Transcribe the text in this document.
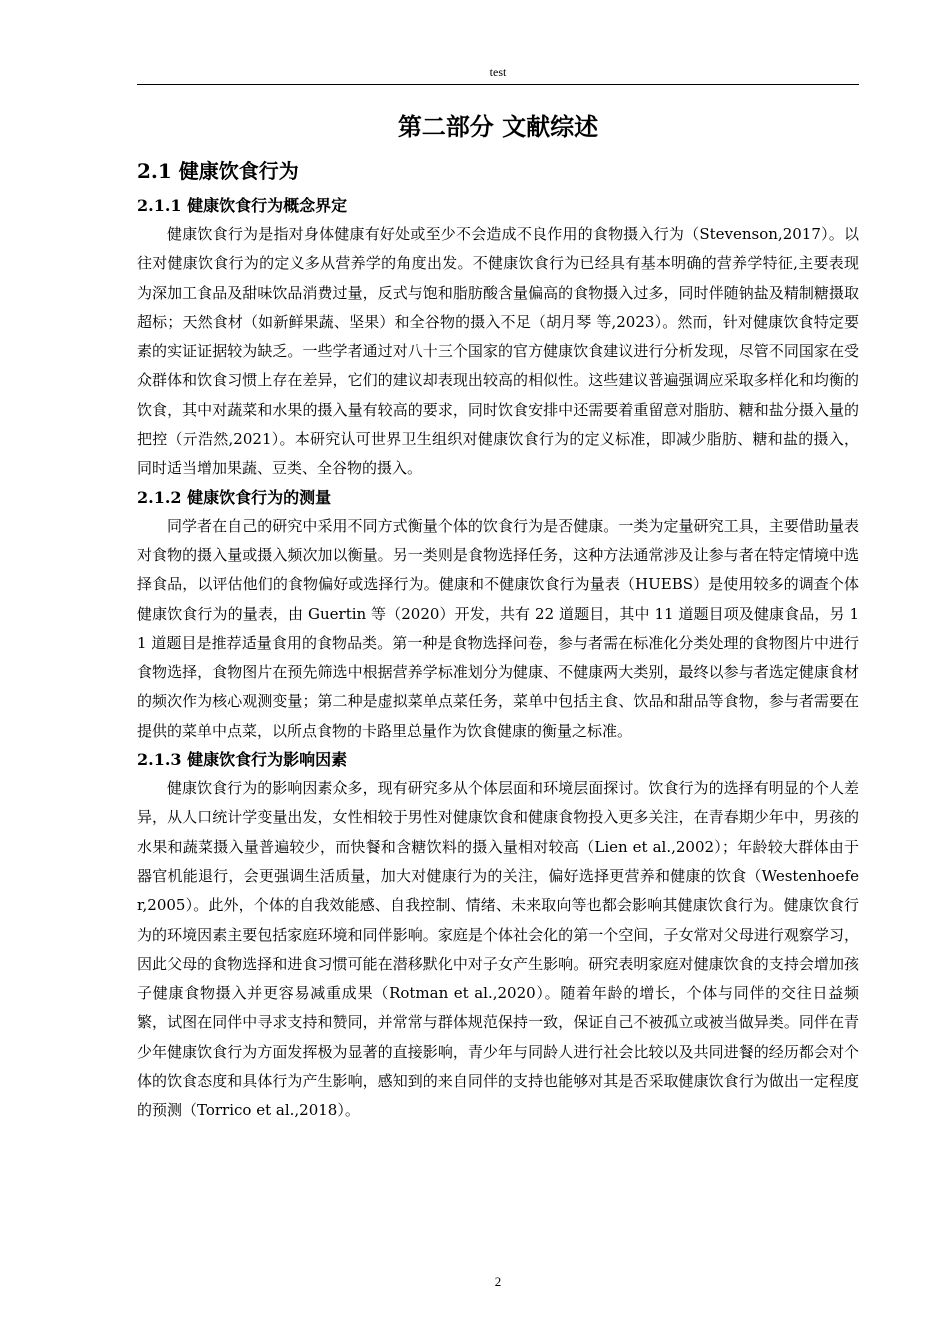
test
第二部分 文献综述
2.1 健康饮食行为
2.1.1 健康饮食行为概念界定

健康饮食行为是指对身体健康有好处或至少不会造成不良作用的食物摄入行为（Stevenson,2017）。以往对健康饮食行为的定义多从营养学的角度出发。不健康饮食行为已经具有基本明确的营养学特征,主要表现为深加工食品及甜味饮品消费过量，反式与饱和脂肪酸含量偏高的食物摄入过多，同时伴随钠盐及精制糖摄取超标；天然食材（如新鲜果蔬、坚果）和全谷物的摄入不足（胡月琴 等,2023）。然而，针对健康饮食特定要素的实证证据较为缺乏。一些学者通过对八十三个国家的官方健康饮食建议进行分析发现，尽管不同国家在受众群体和饮食习惯上存在差异，它们的建议却表现出较高的相似性。这些建议普遍强调应采取多样化和均衡的饮食，其中对蔬菜和水果的摄入量有较高的要求，同时饮食安排中还需要着重留意对脂肪、糖和盐分摄入量的把控（亓浩然,2021）。本研究认可世界卫生组织对健康饮食行为的定义标准，即减少脂肪、糖和盐的摄入，同时适当增加果蔬、豆类、全谷物的摄入。

2.1.2 健康饮食行为的测量

同学者在自己的研究中采用不同方式衡量个体的饮食行为是否健康。一类为定量研究工具，主要借助量表对食物的摄入量或摄入频次加以衡量。另一类则是食物选择任务，这种方法通常涉及让参与者在特定情境中选择食品，以评估他们的食物偏好或选择行为。健康和不健康饮食行为量表（HUEBS）是使用较多的调查个体健康饮食行为的量表，由 Guertin 等（2020）开发，共有 22 道题目，其中 11 道题目项及健康食品，另 11 道题目是推荐适量食用的食物品类。第一种是食物选择问卷，参与者需在标准化分类处理的食物图片中进行食物选择，食物图片在预先筛选中根据营养学标准划分为健康、不健康两大类别，最终以参与者选定健康食材的频次作为核心观测变量；第二种是虚拟菜单点菜任务，菜单中包括主食、饮品和甜品等食物，参与者需要在提供的菜单中点菜，以所点食物的卡路里总量作为饮食健康的衡量之标准。

2.1.3 健康饮食行为影响因素

健康饮食行为的影响因素众多，现有研究多从个体层面和环境层面探讨。饮食行为的选择有明显的个人差异，从人口统计学变量出发，女性相较于男性对健康饮食和健康食物投入更多关注，在青春期少年中，男孩的水果和蔬菜摄入量普遍较少，而快餐和含糖饮料的摄入量相对较高（Lien et al.,2002）；年龄较大群体由于器官机能退行，会更强调生活质量，加大对健康行为的关注，偏好选择更营养和健康的饮食（Westenhoefer,2005）。此外，个体的自我效能感、自我控制、情绪、未来取向等也都会影响其健康饮食行为。健康饮食行为的环境因素主要包括家庭环境和同伴影响。家庭是个体社会化的第一个空间，子女常对父母进行观察学习，因此父母的食物选择和进食习惯可能在潜移默化中对子女产生影响。研究表明家庭对健康饮食的支持会增加孩子健康食物摄入并更容易减重成果（Rotman et al.,2020）。随着年龄的增长，个体与同伴的交往日益频繁，试图在同伴中寻求支持和赞同，并常常与群体规范保持一致，保证自己不被孤立或被当做异类。同伴在青少年健康饮食行为方面发挥极为显著的直接影响，青少年与同龄人进行社会比较以及共同进餐的经历都会对个体的饮食态度和具体行为产生影响，感知到的来自同伴的支持也能够对其是否采取健康饮食行为做出一定程度的预测（Torrico et al.,2018）。

2
